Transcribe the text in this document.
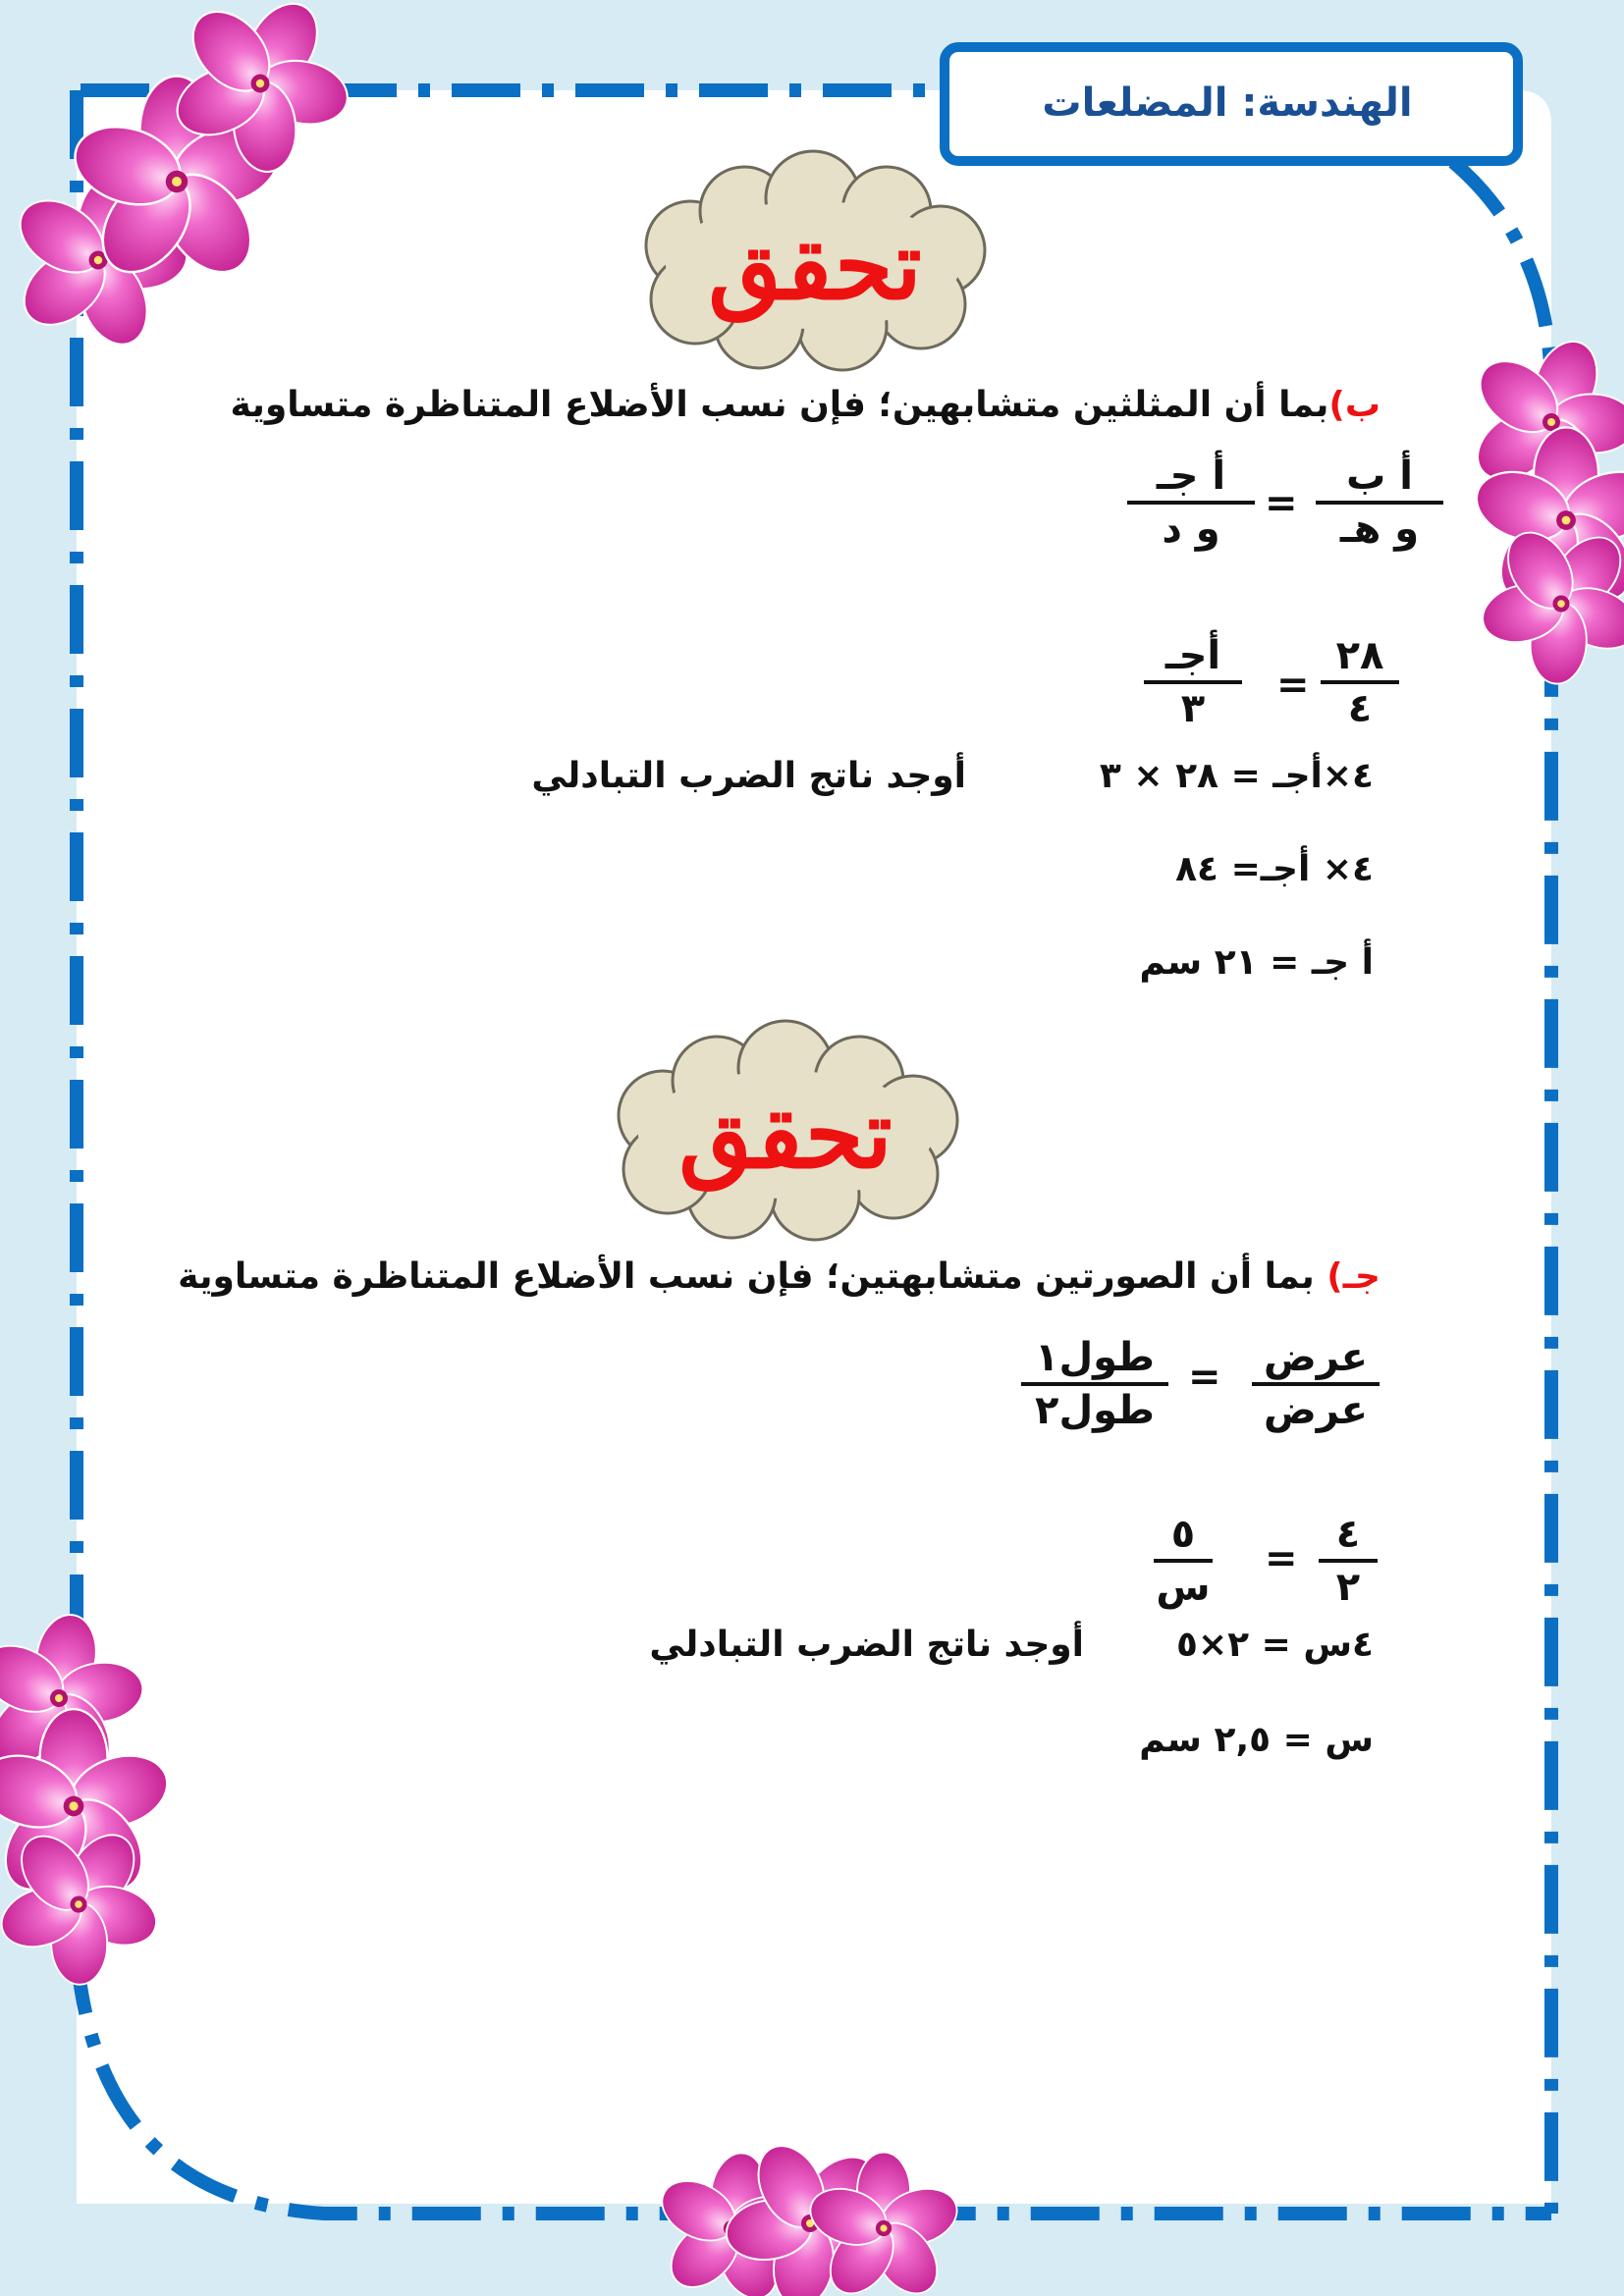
الهندسة: المضلعات
تحقق
ب)بما أن المثلثين متشابهين؛ فإن نسب الأضلاع المتناظرة متساوية
أ ب
و هـ
=
أ جـ
و د
٢٨
٤
=
أجـ
٣
٤×أجـ = ٢٨ × ٣
أوجد ناتج الضرب التبادلي
٤× أجـ= ٨٤
أ جـ = ٢١ سم
تحقق
جـ) بما أن الصورتين متشابهتين؛ فإن نسب الأضلاع المتناظرة متساوية
عرض
عرض
=
طول١
طول٢
٤
٢
=
٥
س
٤س = ٢×٥
أوجد ناتج الضرب التبادلي
س = ٢,٥ سم
